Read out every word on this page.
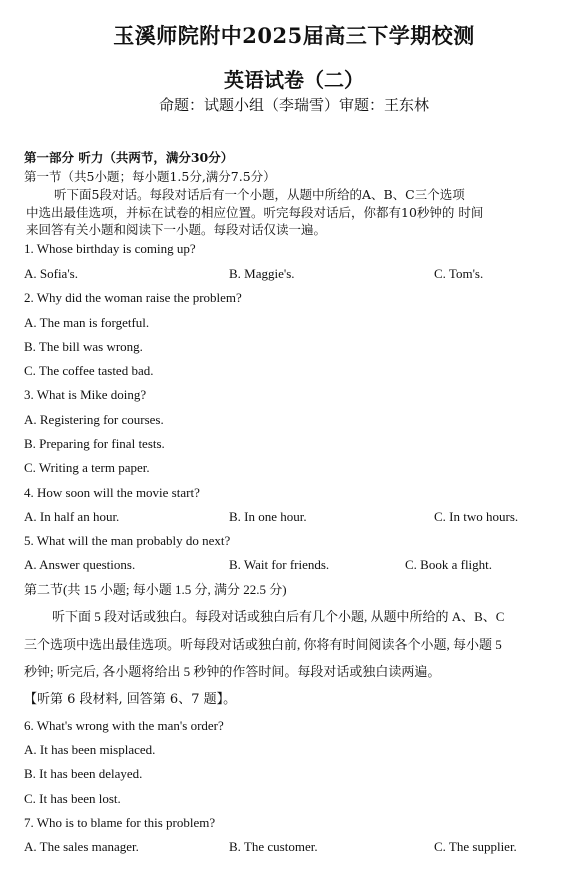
玉溪师院附中2025届高三下学期校测
英语试卷（二）
命题：试题小组（李瑞雪）审题：王东林
第一部分 听力（共两节，满分30分）
第一节（共5小题；每小题1.5分,满分7.5分）
听下面5段对话。每段对话后有一个小题，从题中所给的A、B、C三个选项
中选出最佳选项，并标在试卷的相应位置。听完每段对话后，你都有10秒钟的 时间
来回答有关小题和阅读下一小题。每段对话仅读一遍。
1. Whose birthday is coming up?
A. Sofia's.	B. Maggie's.	C. Tom's.
2. Why did the woman raise the problem?
A. The man is forgetful.
B. The bill was wrong.
C. The coffee tasted bad.
3. What is Mike doing?
A. Registering for courses.
B. Preparing for final tests.
C. Writing a term paper.
4. How soon will the movie start?
A. In half an hour.	B. In one hour.	C. In two hours.
5. What will the man probably do next?
A. Answer questions.	B. Wait for friends.	C. Book a flight.
第二节(共 15 小题; 每小题 1.5 分, 满分 22.5 分)
听下面 5 段对话或独白。每段对话或独白后有几个小题, 从题中所给的 A、B、C
三个选项中选出最佳选项。听每段对话或独白前, 你将有时间阅读各个小题, 每小题 5
秒钟; 听完后, 各小题将给出 5 秒钟的作答时间。每段对话或独白读两遍。
【听第 6 段材料, 回答第 6、7 题】。
6. What's wrong with the man's order?
A. It has been misplaced.
B. It has been delayed.
C. It has been lost.
7. Who is to blame for this problem?
A. The sales manager.	B. The customer.	C. The supplier.
